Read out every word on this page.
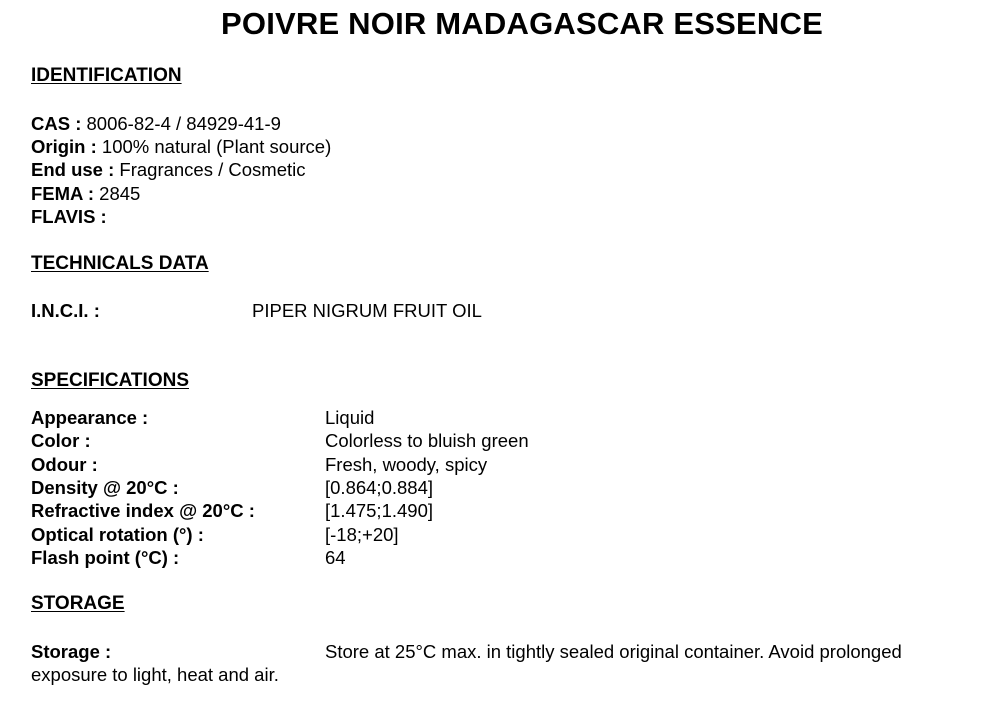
POIVRE NOIR MADAGASCAR ESSENCE
IDENTIFICATION
CAS : 8006-82-4 / 84929-41-9
Origin : 100% natural (Plant source)
End use : Fragrances / Cosmetic
FEMA : 2845
FLAVIS :
TECHNICALS DATA
I.N.C.I. :	PIPER NIGRUM FRUIT OIL
SPECIFICATIONS
Appearance :	Liquid
Color :	Colorless to bluish green
Odour :	Fresh, woody, spicy
Density @ 20°C :	[0.864;0.884]
Refractive index @ 20°C :	[1.475;1.490]
Optical rotation (°) :	[-18;+20]
Flash point (°C) :	64
STORAGE
Storage :	Store at 25°C max. in tightly sealed original container. Avoid prolonged
exposure to light, heat and air.
